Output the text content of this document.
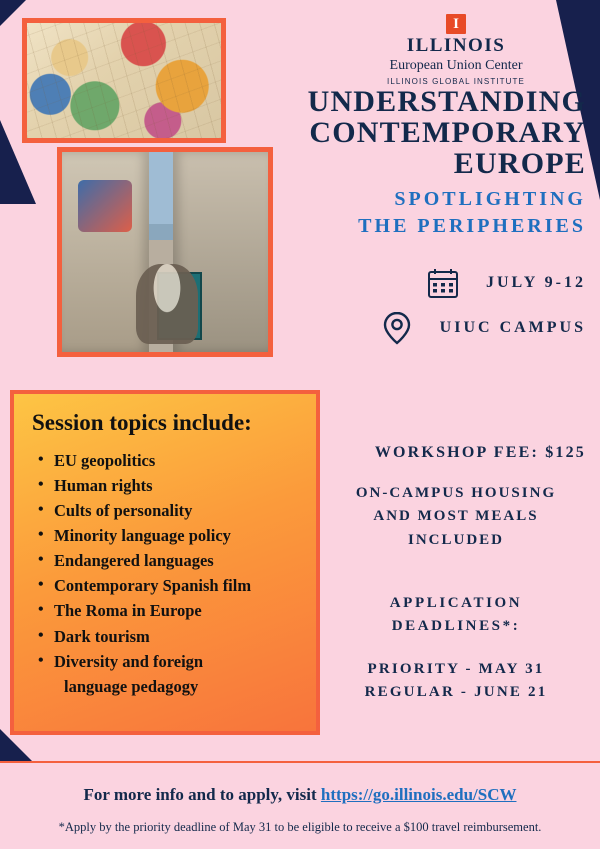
I
ILLINOIS
European Union Center
ILLINOIS GLOBAL INSTITUTE
UNDERSTANDING
CONTEMPORARY
EUROPE
SPOTLIGHTING
THE PERIPHERIES
JULY 9-12
UIUC CAMPUS
WORKSHOP FEE: $125
ON-CAMPUS HOUSING
AND MOST MEALS
INCLUDED
APPLICATION
DEADLINES*:
PRIORITY - MAY 31
REGULAR - JUNE 21
Session topics include:
• EU geopolitics
• Human rights
• Cults of personality
• Minority language policy
• Endangered languages
• Contemporary Spanish film
• The Roma in Europe
• Dark tourism
• Diversity and foreign
language pedagogy
For more info and to apply, visit https://go.illinois.edu/SCW
*Apply by the priority deadline of May 31 to be eligible to receive a $100 travel reimbursement.
